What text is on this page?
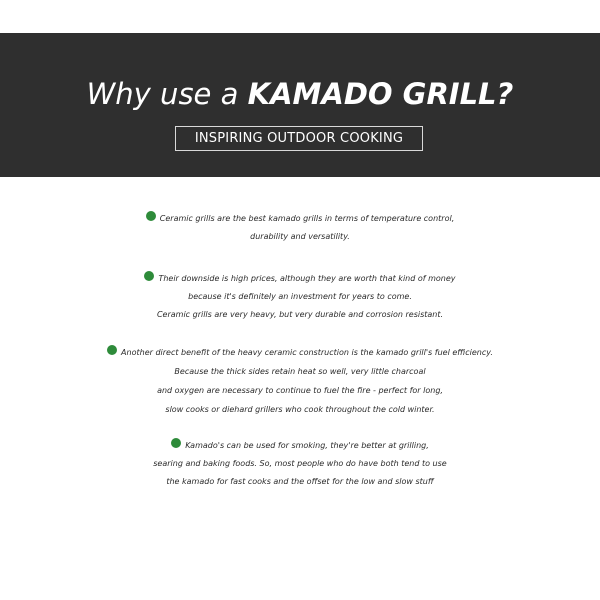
Why use a KAMADO GRILL?
INSPIRING OUTDOOR COOKING
Ceramic grills are the best kamado grills in terms of temperature control,
durability and versatility.
Their downside is high prices, although they are worth that kind of money
because it's definitely an investment for years to come.
Ceramic grills are very heavy, but very durable and corrosion resistant.
Another direct benefit of the heavy ceramic construction is the kamado grill's fuel efficiency.
Because the thick sides retain heat so well, very little charcoal
and oxygen are necessary to continue to fuel the fire - perfect for long,
slow cooks or diehard grillers who cook throughout the cold winter.
Kamado's can be used for smoking, they're better at grilling,
searing and baking foods. So, most people who do have both tend to use
the kamado for fast cooks and the offset for the low and slow stuff
